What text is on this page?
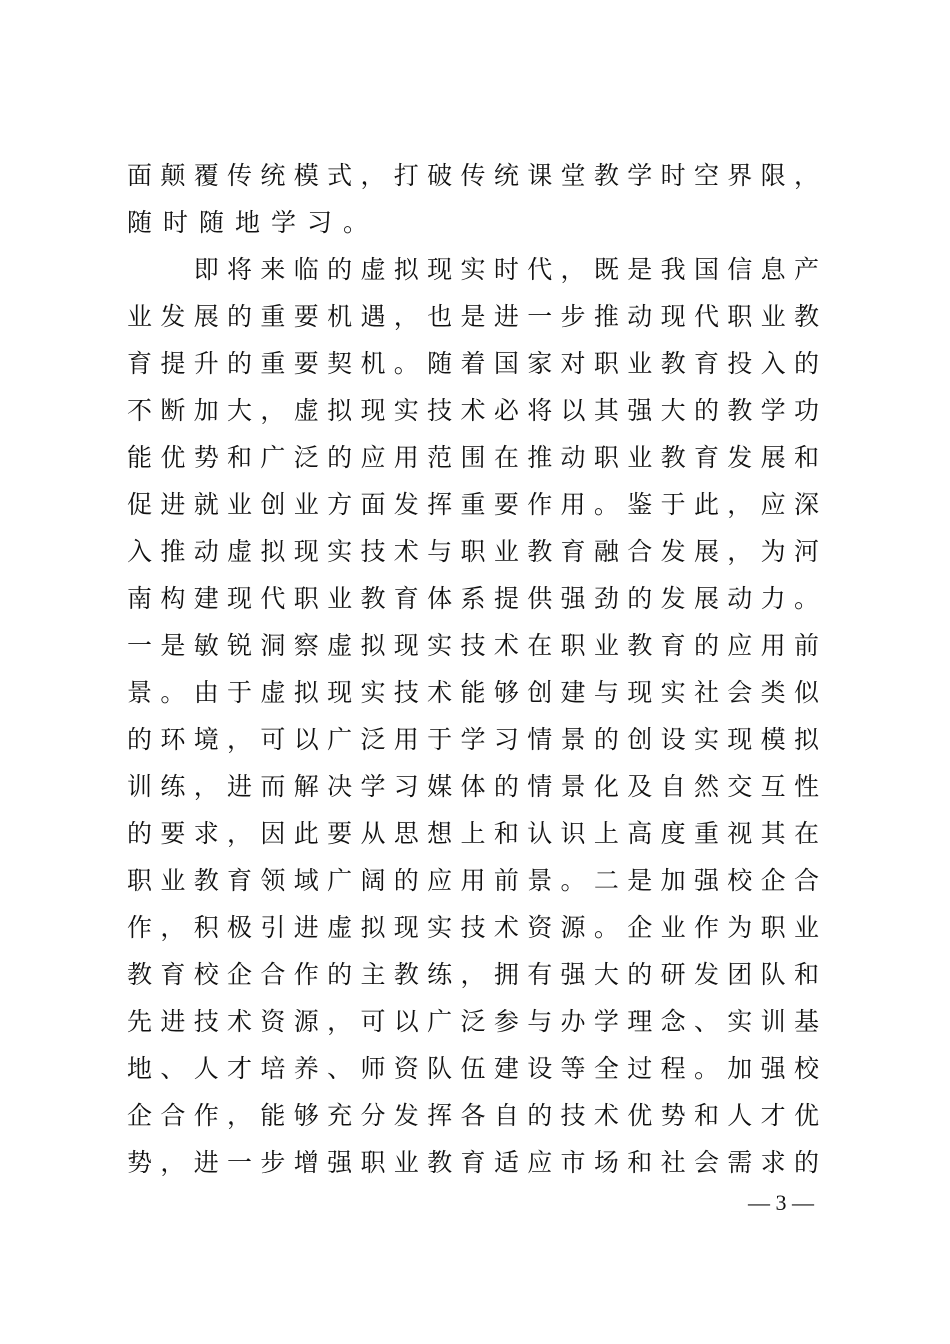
面颠覆传统模式，打破传统课堂教学时空界限，
随时随地学习。
　　即将来临的虚拟现实时代，既是我国信息产
业发展的重要机遇，也是进一步推动现代职业教
育提升的重要契机。随着国家对职业教育投入的
不断加大，虚拟现实技术必将以其强大的教学功
能优势和广泛的应用范围在推动职业教育发展和
促进就业创业方面发挥重要作用。鉴于此，应深
入推动虚拟现实技术与职业教育融合发展，为河
南构建现代职业教育体系提供强劲的发展动力。
一是敏锐洞察虚拟现实技术在职业教育的应用前
景。由于虚拟现实技术能够创建与现实社会类似
的环境，可以广泛用于学习情景的创设实现模拟
训练，进而解决学习媒体的情景化及自然交互性
的要求，因此要从思想上和认识上高度重视其在
职业教育领域广阔的应用前景。二是加强校企合
作，积极引进虚拟现实技术资源。企业作为职业
教育校企合作的主教练，拥有强大的研发团队和
先进技术资源，可以广泛参与办学理念、实训基
地、人才培养、师资队伍建设等全过程。加强校
企合作，能够充分发挥各自的技术优势和人才优
势，进一步增强职业教育适应市场和社会需求的
— 3 —
